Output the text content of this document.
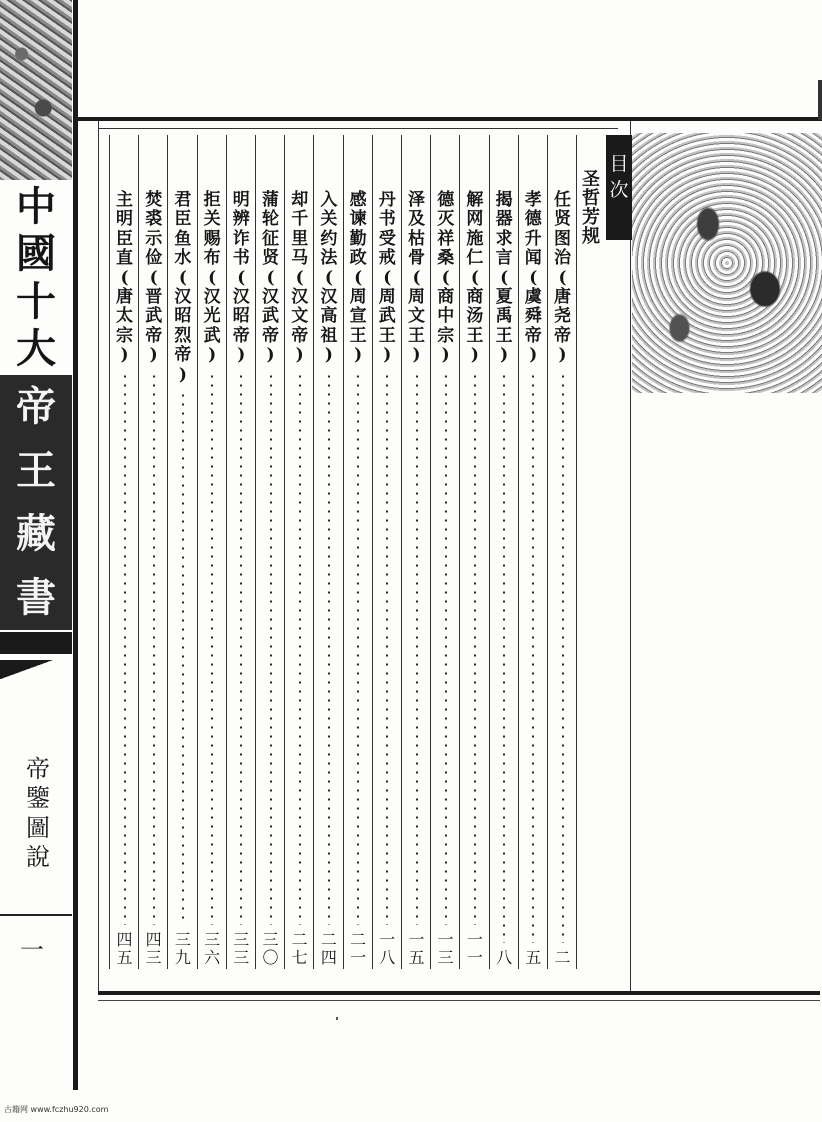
中
國
十
大
帝
王
藏
書
帝
鑒
圖
說
一
圣
哲
芳
规
目
次
任
贤
图
治
(
唐
尧
帝
)
二
孝
德
升
闻
(
虞
舜
帝
)
五
揭
器
求
言
(
夏
禹
王
)
八
解
网
施
仁
(
商
汤
王
)
一
一
德
灭
祥
桑
(
商
中
宗
)
一
三
泽
及
枯
骨
(
周
文
王
)
一
五
丹
书
受
戒
(
周
武
王
)
一
八
感
谏
勤
政
(
周
宣
王
)
二
一
入
关
约
法
(
汉
高
祖
)
二
四
却
千
里
马
(
汉
文
帝
)
二
七
蒲
轮
征
贤
(
汉
武
帝
)
三
〇
明
辨
诈
书
(
汉
昭
帝
)
三
三
拒
关
赐
布
(
汉
光
武
)
三
六
君
臣
鱼
水
(
汉
昭
烈
帝
)
三
九
焚
裘
示
俭
(
晋
武
帝
)
四
三
主
明
臣
直
(
唐
太
宗
)
四
五
古籍网 www.fczhu920.com
